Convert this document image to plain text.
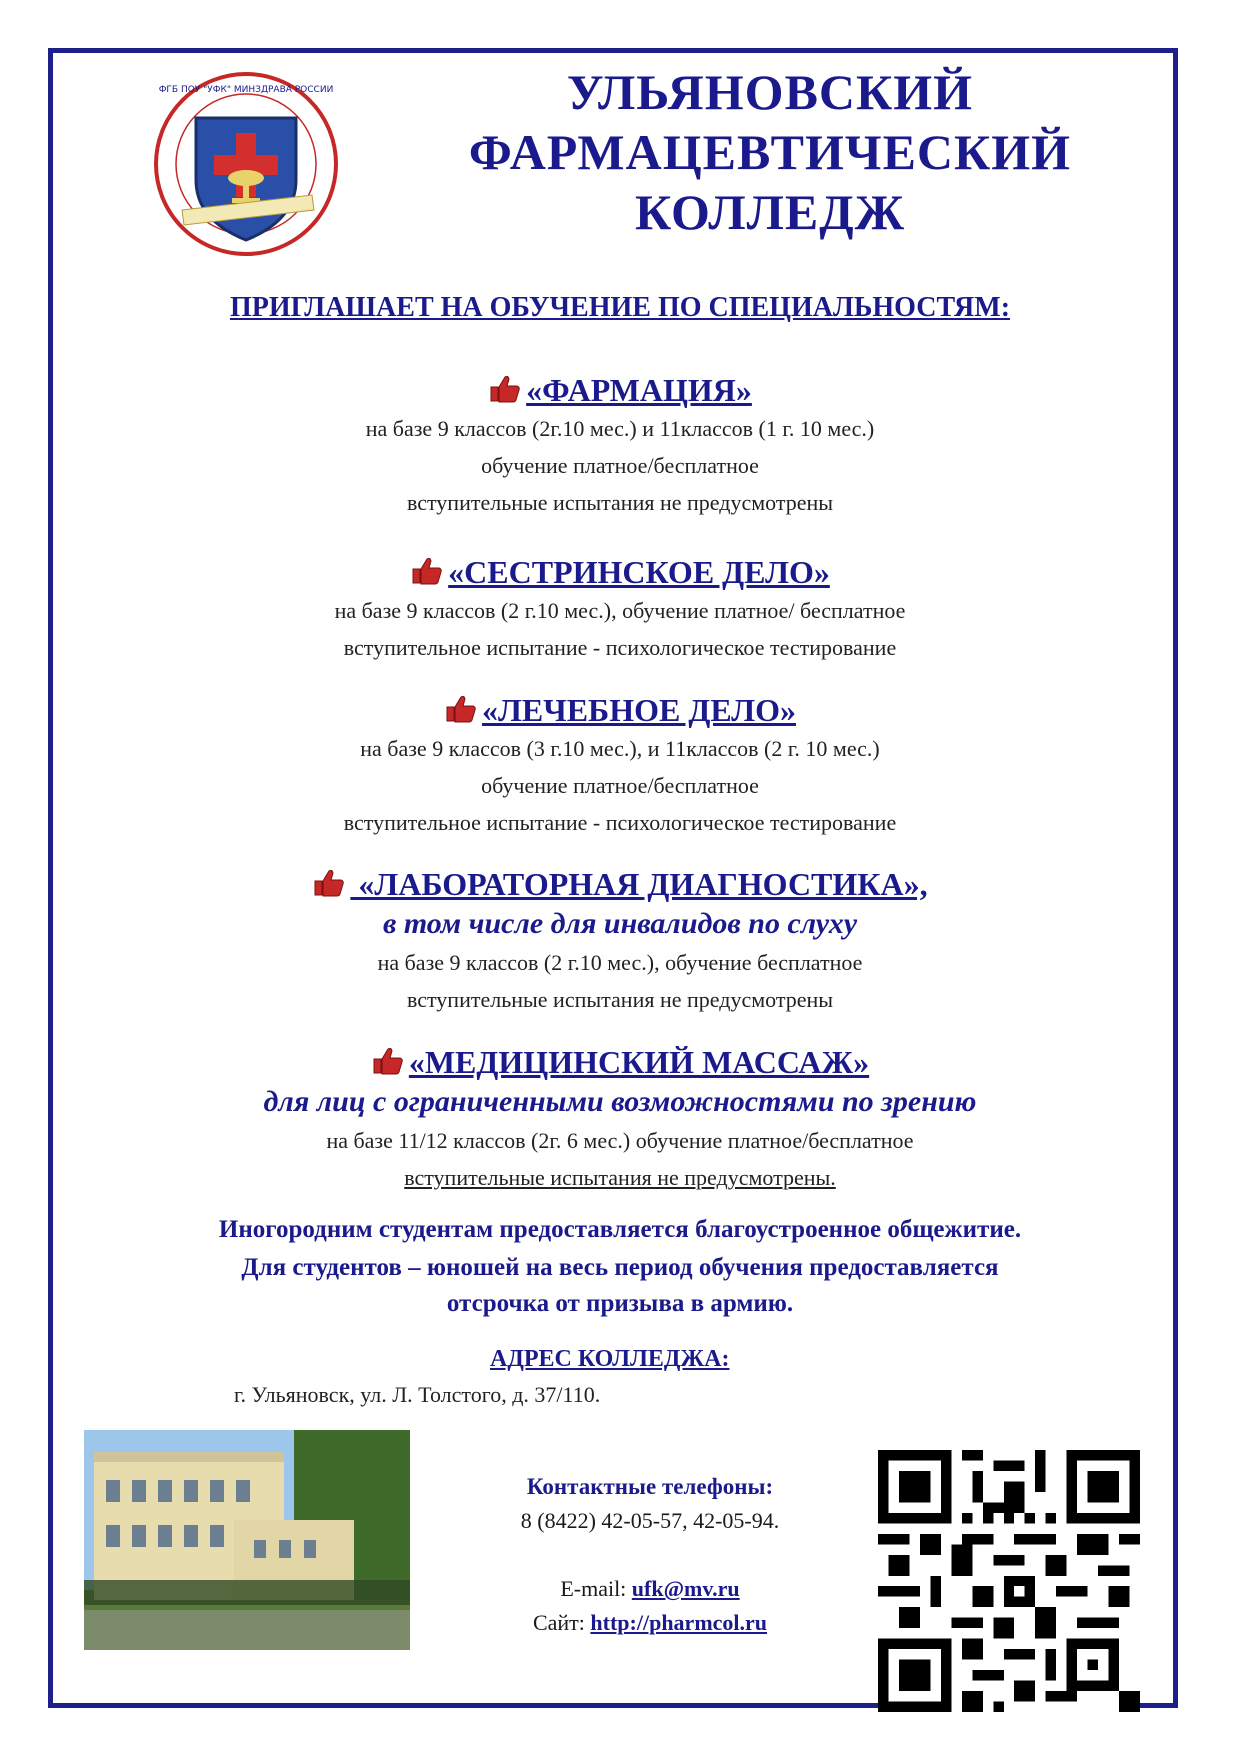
ФГБ ПОУ "УФК" МИНЗДРАВА РОССИИ	УЛЬЯНОВСКИЙ
ФАРМАЦЕВТИЧЕСКИЙ
КОЛЛЕДЖ
ПРИГЛАШАЕТ НА ОБУЧЕНИЕ ПО СПЕЦИАЛЬНОСТЯМ:
«ФАРМАЦИЯ»
на базе 9 классов (2г.10 мес.) и 11классов (1 г. 10 мес.)
обучение платное/бесплатное
вступительные испытания не предусмотрены
«СЕСТРИНСКОЕ ДЕЛО»
на базе 9 классов (2 г.10 мес.), обучение платное/ бесплатное
вступительное испытание - психологическое тестирование
«ЛЕЧЕБНОЕ ДЕЛО»
на базе 9 классов (3 г.10 мес.), и 11классов (2 г. 10 мес.)
обучение платное/бесплатное
вступительное испытание - психологическое тестирование
«ЛАБОРАТОРНАЯ ДИАГНОСТИКА»,
в том числе для инвалидов по слуху
на базе 9 классов (2 г.10 мес.), обучение бесплатное
вступительные испытания не предусмотрены
«МЕДИЦИНСКИЙ МАССАЖ»
для лиц с ограниченными возможностями по зрению
на базе 11/12 классов (2г. 6 мес.) обучение платное/бесплатное
вступительные испытания не предусмотрены.
Иногородним студентам предоставляется благоустроенное общежитие.
Для студентов – юношей на весь период обучения предоставляется
отсрочка от призыва в армию.
АДРЕС КОЛЛЕДЖА:
г. Ульяновск, ул. Л. Толстого, д. 37/110.
Контактные телефоны:
8 (8422) 42-05-57, 42-05-94.

E-mail: ufk@mv.ru
Сайт: http://pharmcol.ru
